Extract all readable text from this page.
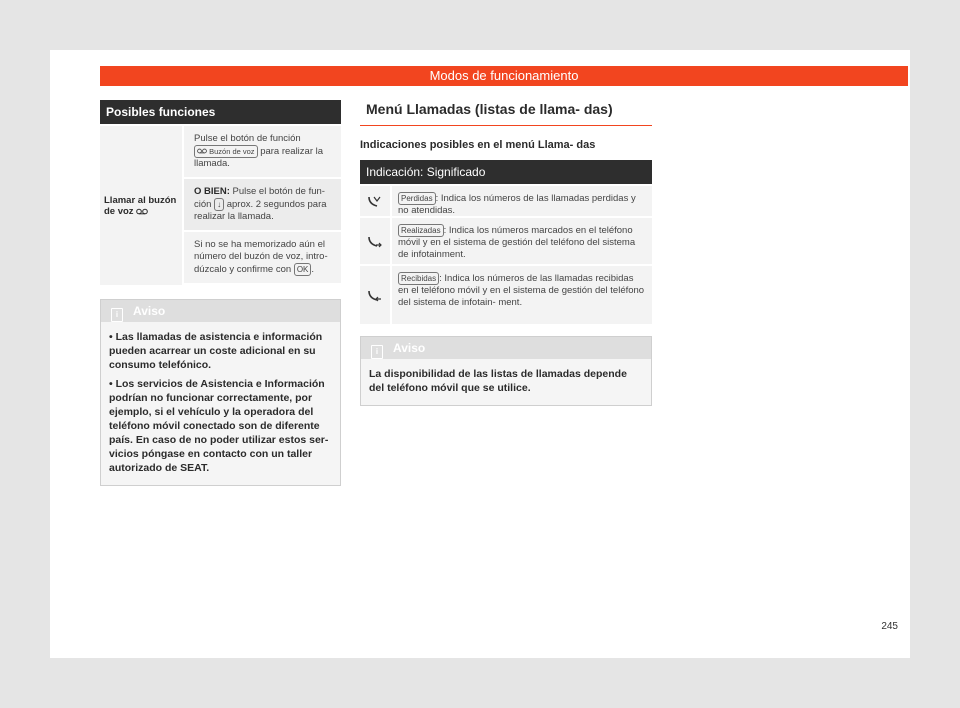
Modos de funcionamiento
Posibles funciones
Llamar al buzón de voz
Pulse el botón de función  Buzón de voz para realizar la llamada.
O BIEN: Pulse el botón de fun- ción ↓ aprox. 2 segundos para realizar la llamada.
Si no se ha memorizado aún el número del buzón de voz, intro- dúzcalo y confirme con OK .
i Aviso

• Las llamadas de asistencia e información pueden acarrear un coste adicional en su consumo telefónico.

• Los servicios de Asistencia e Información podrían no funcionar correctamente, por ejemplo, si el vehículo y la operadora del teléfono móvil conectado son de diferente país. En caso de no poder utilizar estos ser- vicios póngase en contacto con un taller autorizado de SEAT.

Menú Llamadas (listas de llama- das)
Indicaciones posibles en el menú Llama- das
Indicación: Significado
Perdidas : Indica los números de las llamadas perdidas y no atendidas.
Realizadas : Indica los números marcados en el teléfono móvil y en el sistema de gestión del teléfono del sistema de infotainment.
Recibidas : Indica los números de las llamadas recibidas en el teléfono móvil y en el sistema de gestión del teléfono del sistema de infotain- ment.
i Aviso
La disponibilidad de las listas de llamadas depende del teléfono móvil que se utilice.
245
